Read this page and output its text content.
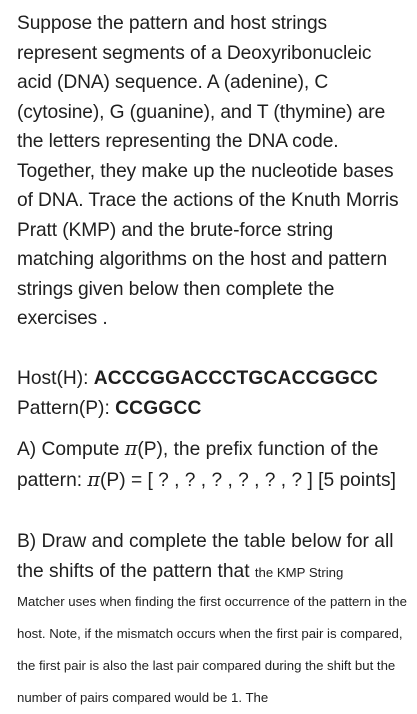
Suppose the pattern and host strings represent segments of a Deoxyribonucleic acid (DNA) sequence. A (adenine), C (cytosine), G (guanine), and T (thymine) are the letters representing the DNA code. Together, they make up the nucleotide bases of DNA. Trace the actions of the Knuth Morris Pratt (KMP) and the brute-force string matching algorithms on the host and pattern strings given below then complete the exercises .

Host(H): ACCCGGACCCTGCACCGGCC
Pattern(P): CCGGCC

A) Compute π(P), the prefix function of the pattern: π(P) = [ ? , ? , ? , ? , ? , ? ] [5 points]

B) Draw and complete the table below for all the shifts of the pattern that the KMP String

Matcher uses when finding the first occurrence of the pattern in the host. Note, if the mismatch occurs when the first pair is compared, the first pair is also the last pair compared during the shift but the number of pairs compared would be 1. The
